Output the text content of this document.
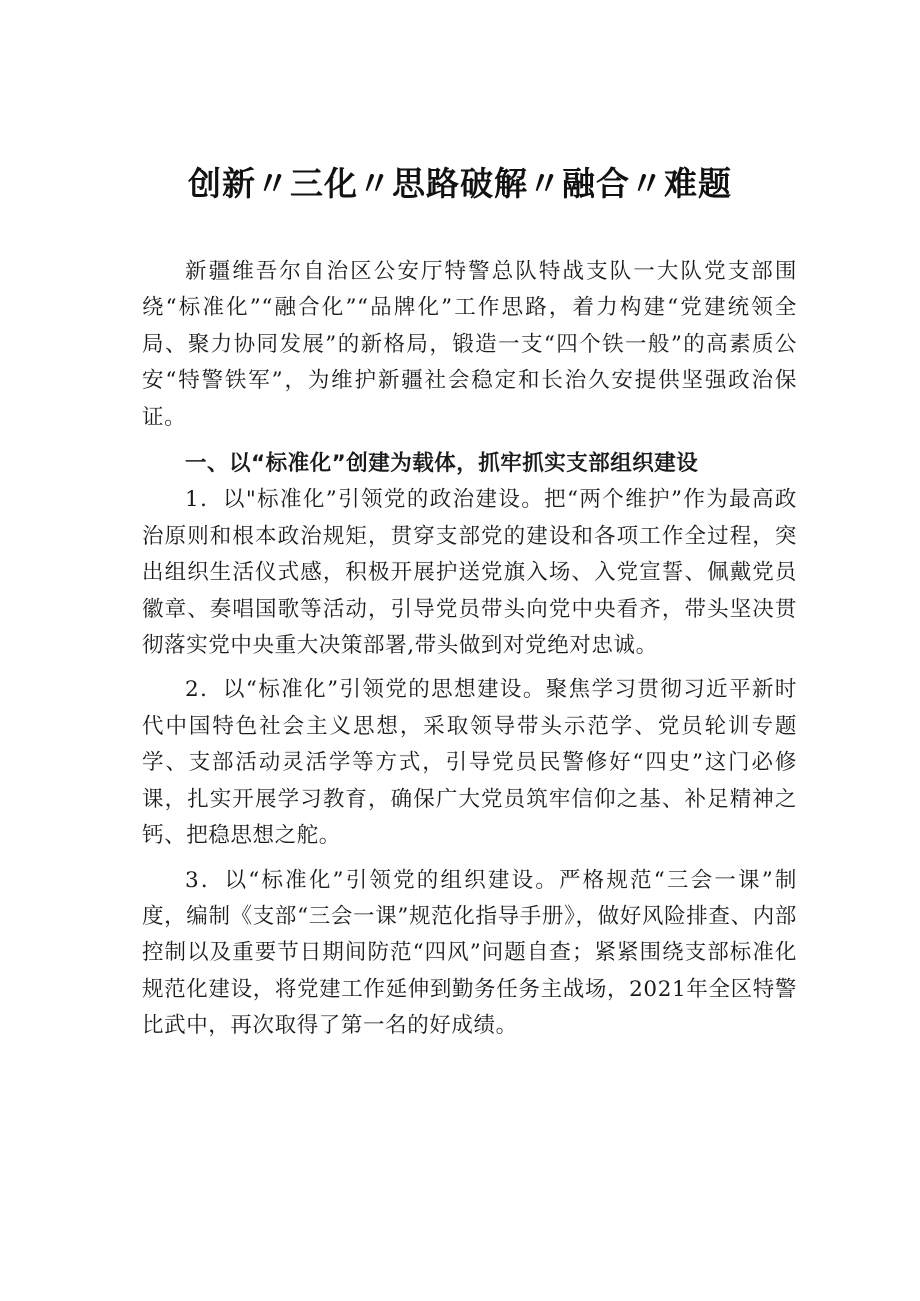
创新〃三化〃思路破解〃融合〃难题

新疆维吾尔自治区公安厅特警总队特战支队一大队党支部围绕“标准化”“融合化”“品牌化”工作思路，着力构建“党建统领全局、聚力协同发展”的新格局，锻造一支“四个铁一般”的高素质公安“特警铁军”，为维护新疆社会稳定和长治久安提供坚强政治保证。

一、以“标准化”创建为载体，抓牢抓实支部组织建设

1．以"标准化”引领党的政治建设。把“两个维护”作为最高政治原则和根本政治规矩，贯穿支部党的建设和各项工作全过程，突出组织生活仪式感，积极开展护送党旗入场、入党宣誓、佩戴党员徽章、奏唱国歌等活动，引导党员带头向党中央看齐，带头坚决贯彻落实党中央重大决策部署,带头做到对党绝对忠诚。

2．以“标准化”引领党的思想建设。聚焦学习贯彻习近平新时代中国特色社会主义思想，采取领导带头示范学、党员轮训专题学、支部活动灵活学等方式，引导党员民警修好“四史”这门必修课，扎实开展学习教育，确保广大党员筑牢信仰之基、补足精神之钙、把稳思想之舵。

3．以“标准化”引领党的组织建设。严格规范“三会一课”制度，编制《支部“三会一课”规范化指导手册》，做好风险排查、内部控制以及重要节日期间防范“四风”问题自查；紧紧围绕支部标准化规范化建设，将党建工作延伸到勤务任务主战场，2021年全区特警比武中，再次取得了第一名的好成绩。
